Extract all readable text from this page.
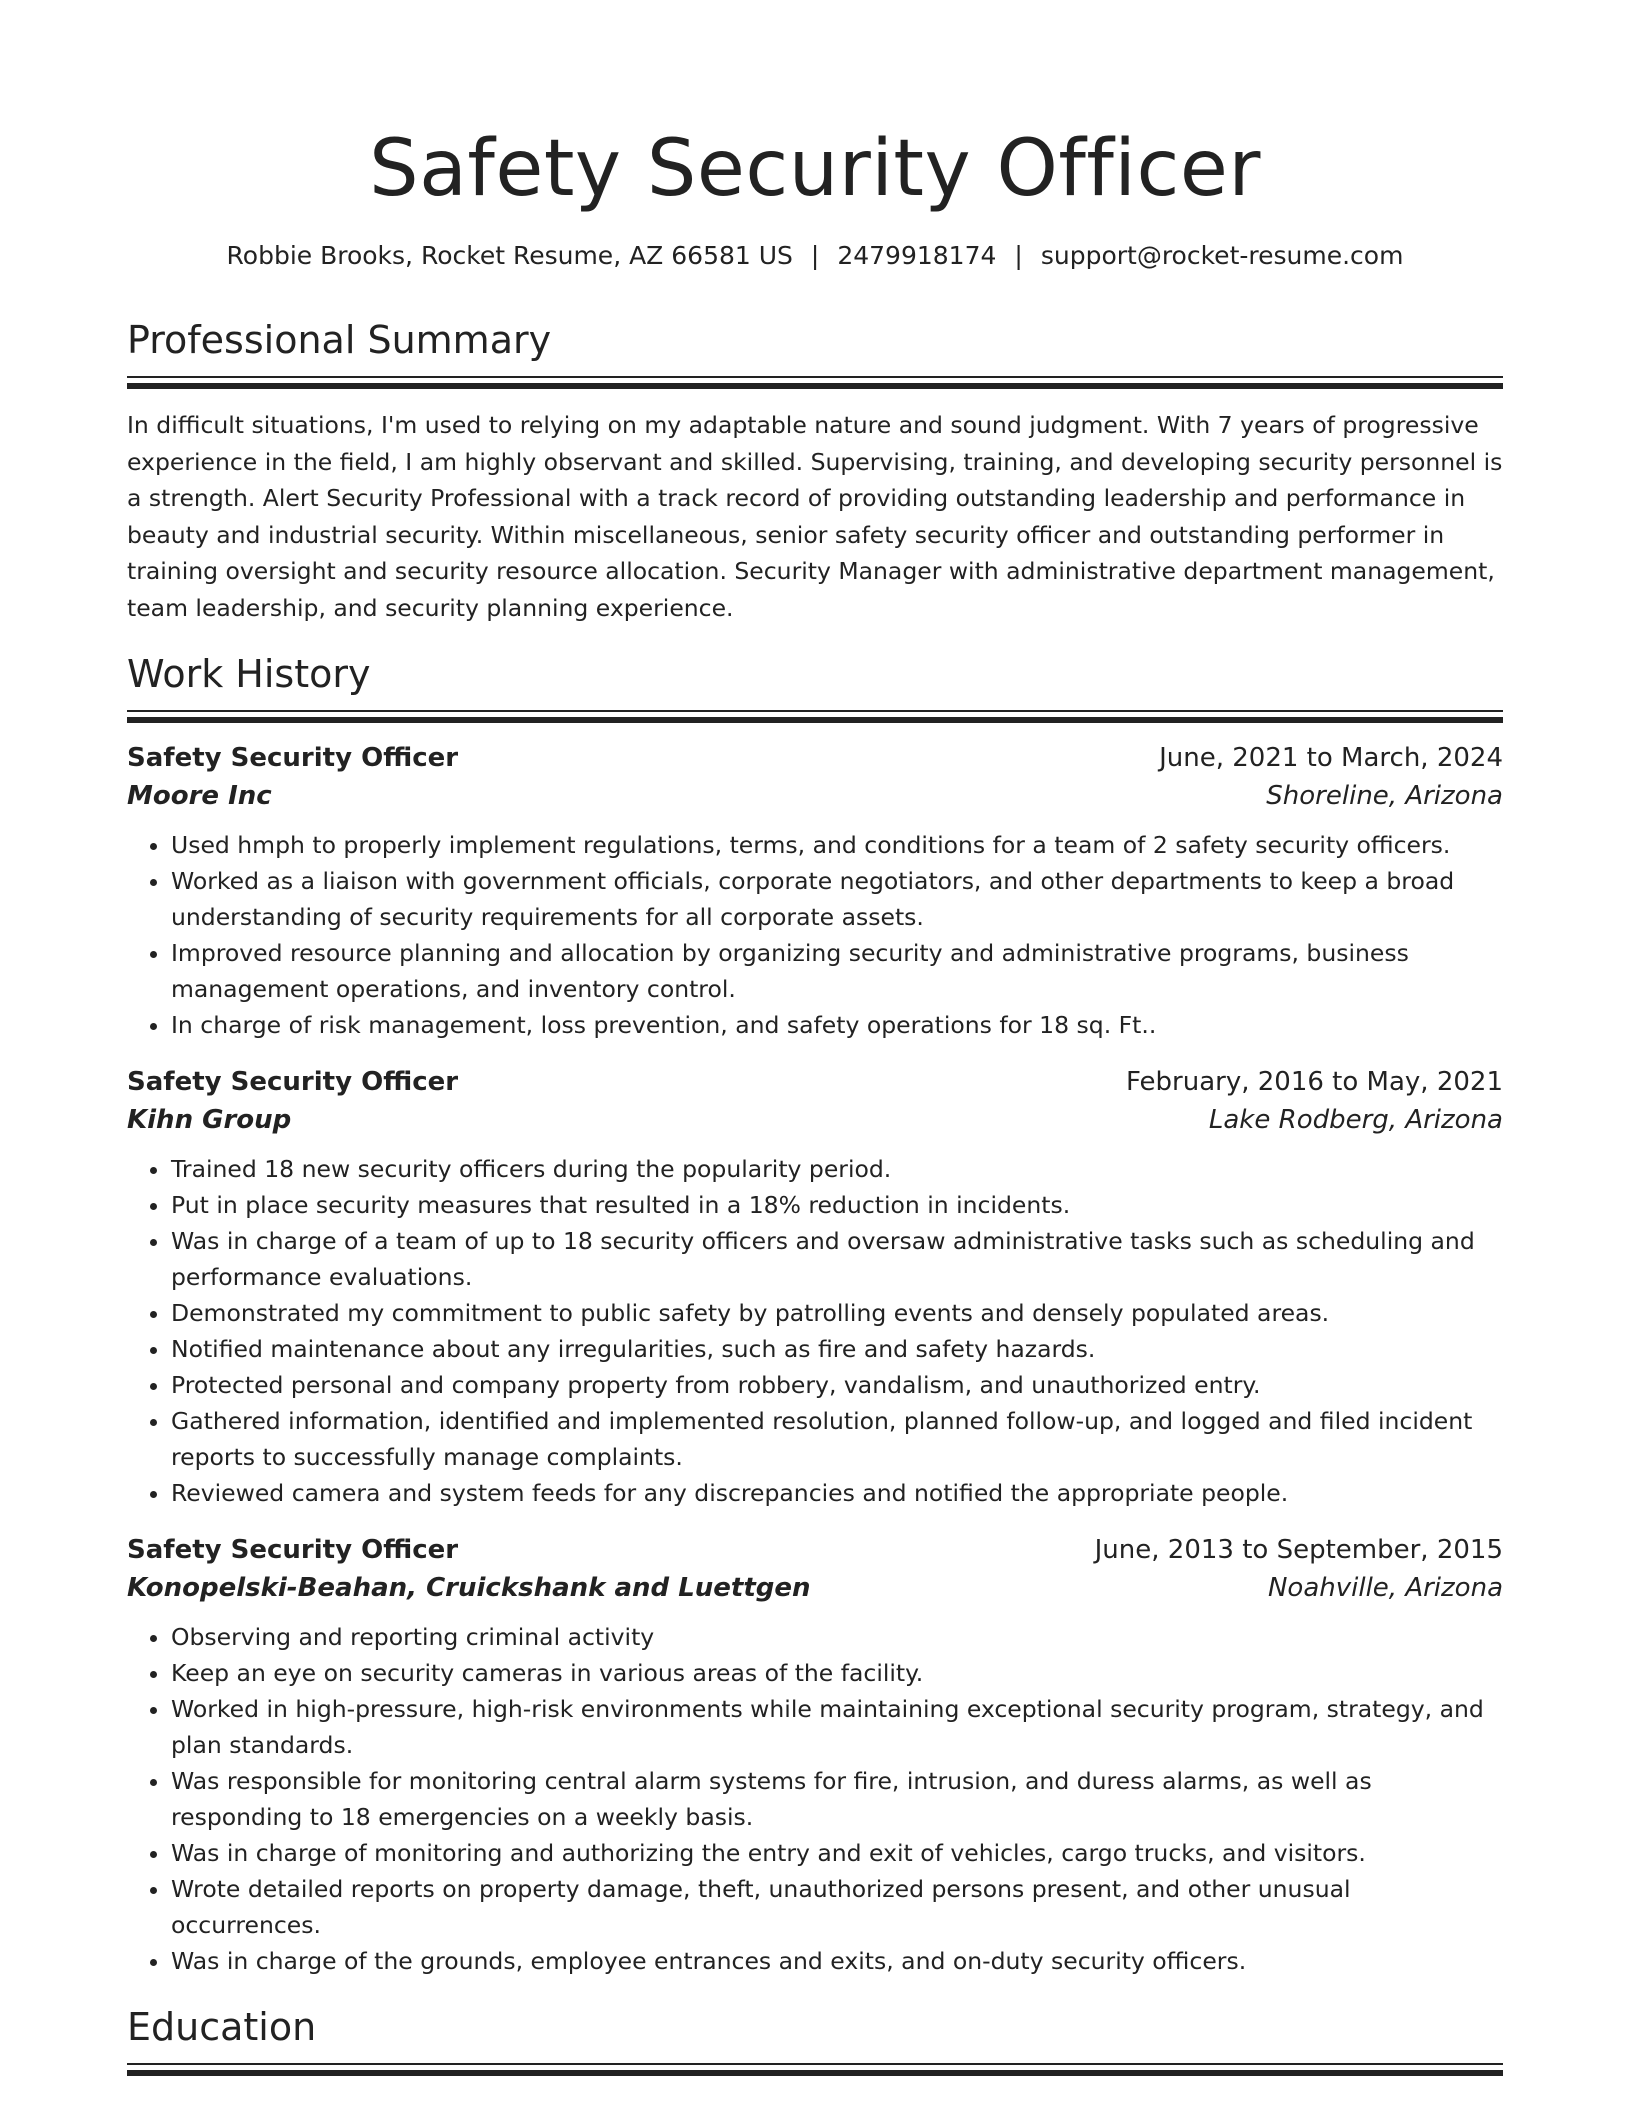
Safety Security Officer
Robbie Brooks, Rocket Resume, AZ 66581 US | 2479918174 | support@rocket-resume.com
Professional Summary

In difficult situations, I'm used to relying on my adaptable nature and sound judgment. With 7 years of progressive experience in the field, I am highly observant and skilled. Supervising, training, and developing security personnel is a strength. Alert Security Professional with a track record of providing outstanding leadership and performance in beauty and industrial security. Within miscellaneous, senior safety security officer and outstanding performer in training oversight and security resource allocation. Security Manager with administrative department management, team leadership, and security planning experience.

Work History
Safety Security Officer	June, 2021 to March, 2024
Moore Inc	Shoreline, Arizona
• Used hmph to properly implement regulations, terms, and conditions for a team of 2 safety security officers.
• Worked as a liaison with government officials, corporate negotiators, and other departments to keep a broad understanding of security requirements for all corporate assets.
• Improved resource planning and allocation by organizing security and administrative programs, business management operations, and inventory control.
• In charge of risk management, loss prevention, and safety operations for 18 sq. Ft..
Safety Security Officer	February, 2016 to May, 2021
Kihn Group	Lake Rodberg, Arizona
• Trained 18 new security officers during the popularity period.
• Put in place security measures that resulted in a 18% reduction in incidents.
• Was in charge of a team of up to 18 security officers and oversaw administrative tasks such as scheduling and performance evaluations.
• Demonstrated my commitment to public safety by patrolling events and densely populated areas.
• Notified maintenance about any irregularities, such as fire and safety hazards.
• Protected personal and company property from robbery, vandalism, and unauthorized entry.
• Gathered information, identified and implemented resolution, planned follow-up, and logged and filed incident reports to successfully manage complaints.
• Reviewed camera and system feeds for any discrepancies and notified the appropriate people.
Safety Security Officer	June, 2013 to September, 2015
Konopelski-Beahan, Cruickshank and Luettgen	Noahville, Arizona
• Observing and reporting criminal activity
• Keep an eye on security cameras in various areas of the facility.
• Worked in high-pressure, high-risk environments while maintaining exceptional security program, strategy, and plan standards.
• Was responsible for monitoring central alarm systems for fire, intrusion, and duress alarms, as well as responding to 18 emergencies on a weekly basis.
• Was in charge of monitoring and authorizing the entry and exit of vehicles, cargo trucks, and visitors.
• Wrote detailed reports on property damage, theft, unauthorized persons present, and other unusual occurrences.
• Was in charge of the grounds, employee entrances and exits, and on-duty security officers.
Education
